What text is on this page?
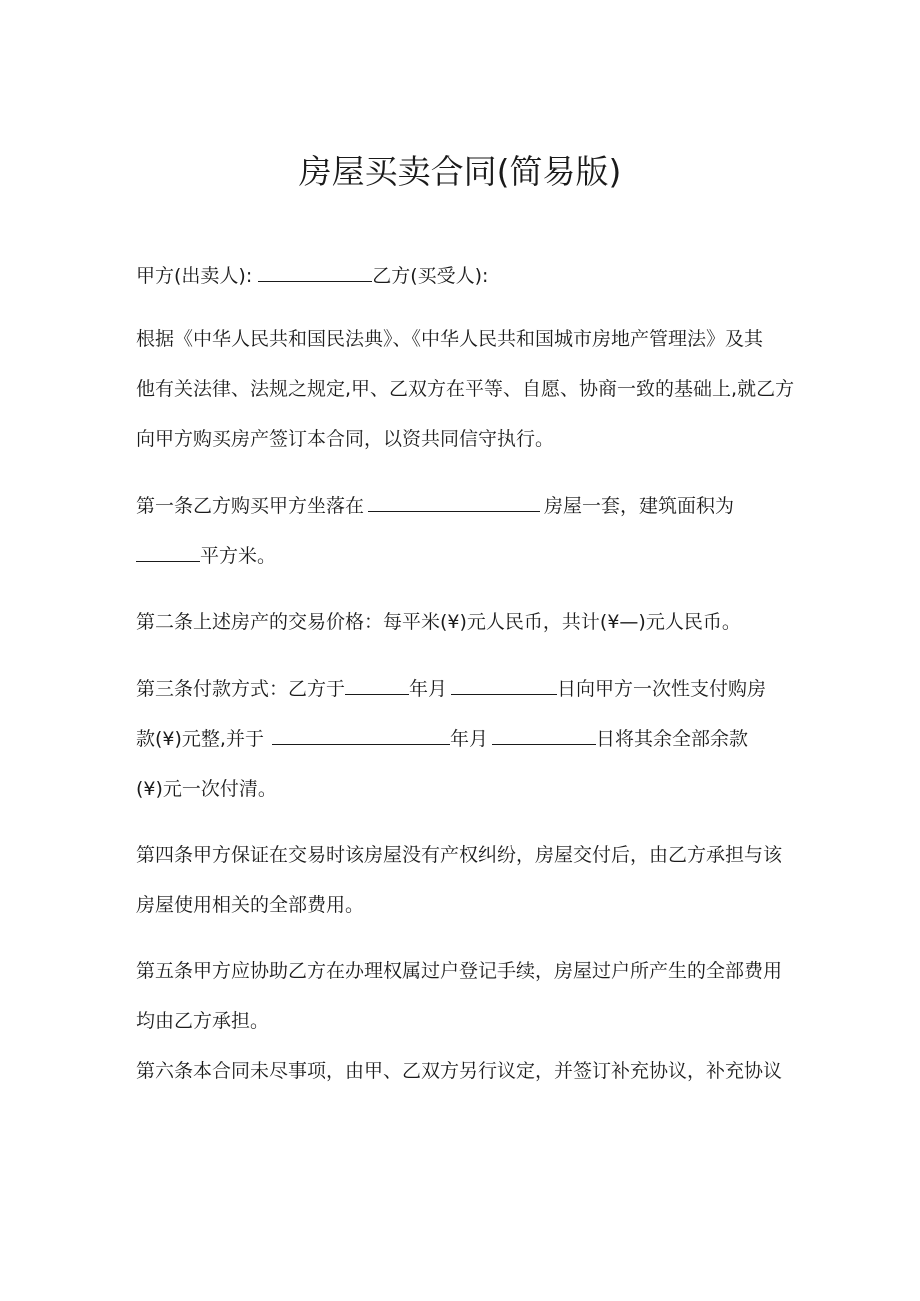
房屋买卖合同(简易版)

甲方(出卖人):	乙方(买受人):

根据《中华人民共和国民法典》、《中华人民共和国城市房地产管理法》及其

他有关法律、法规之规定,甲、乙双方在平等、自愿、协商一致的基础上,就乙方

向甲方购买房产签订本合同，以资共同信守执行。

第一条乙方购买甲方坐落在	房屋一套，建筑面积为

平方米。

第二条上述房产的交易价格：每平米(¥)元人民币，共计(¥—)元人民币。

第三条付款方式：乙方于	年月	日向甲方一次性支付购房

款(¥)元整,并于	年月	日将其余全部余款

(¥)元一次付清。

第四条甲方保证在交易时该房屋没有产权纠纷，房屋交付后，由乙方承担与该

房屋使用相关的全部费用。

第五条甲方应协助乙方在办理权属过户登记手续，房屋过户所产生的全部费用

均由乙方承担。

第六条本合同未尽事项，由甲、乙双方另行议定，并签订补充协议，补充协议
